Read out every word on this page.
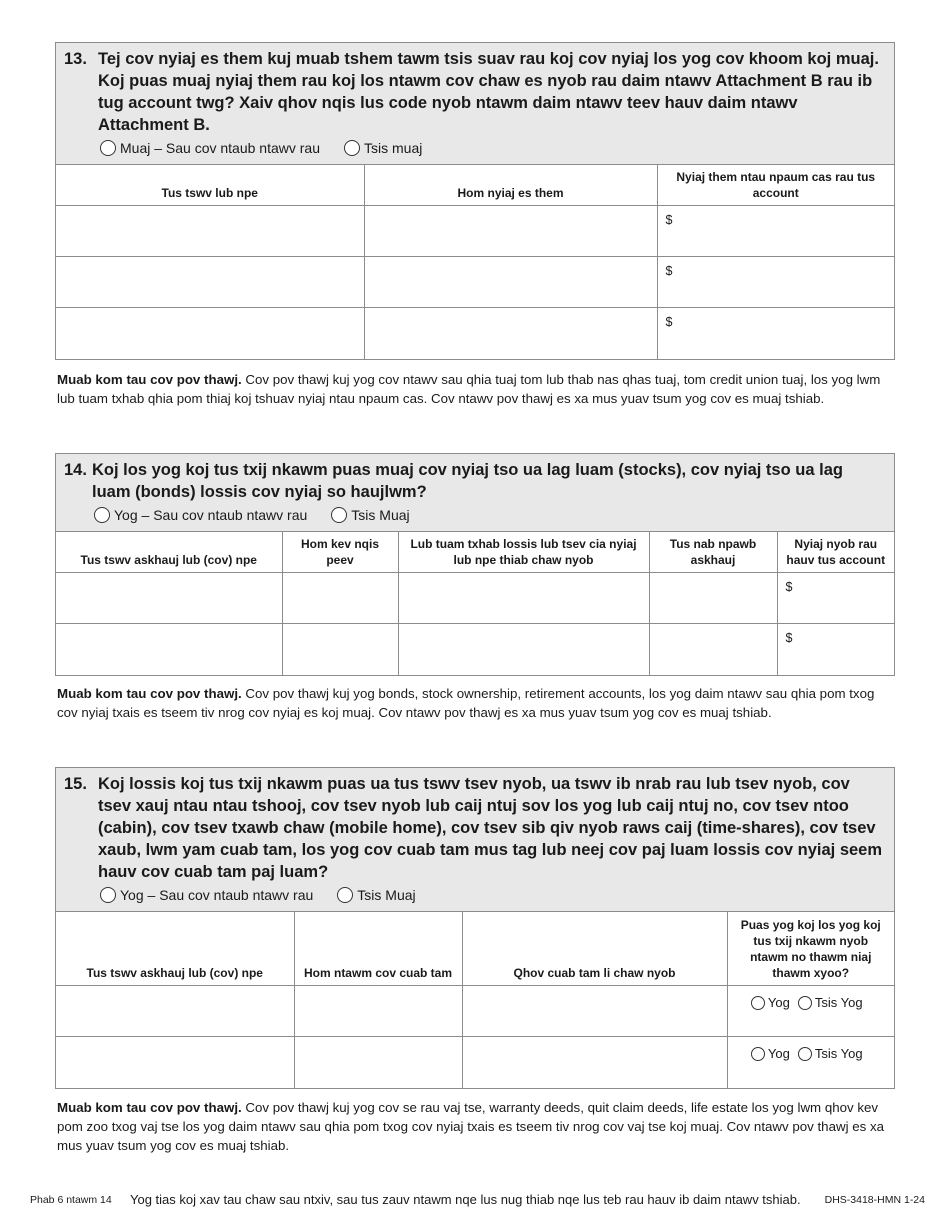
13. Tej cov nyiaj es them kuj muab tshem tawm tsis suav rau koj cov nyiaj los yog cov khoom koj muaj. Koj puas muaj nyiaj them rau koj los ntawm cov chaw es nyob rau daim ntawv Attachment B rau ib tug account twg? Xaiv qhov nqis lus code nyob ntawm daim ntawv teev hauv daim ntawv Attachment B.
Muaj – Sau cov ntaub ntawv rau	Tsis muaj
Tus tswv lub npe	Hom nyiaj es them	Nyiaj them ntau npaum cas rau tus account
		$
		$
		$

Muab kom tau cov pov thawj. Cov pov thawj kuj yog cov ntawv sau qhia tuaj tom lub thab nas qhas tuaj, tom credit union tuaj, los yog lwm lub tuam txhab qhia pom thiaj koj tshuav nyiaj ntau npaum cas. Cov ntawv pov thawj es xa mus yuav tsum yog cov es muaj tshiab.

14. Koj los yog koj tus txij nkawm puas muaj cov nyiaj tso ua lag luam (stocks), cov nyiaj tso ua lag luam (bonds) lossis cov nyiaj so haujlwm?
Yog – Sau cov ntaub ntawv rau	Tsis Muaj
Tus tswv askhauj lub (cov) npe	Hom kev nqis peev	Lub tuam txhab lossis lub tsev cia nyiaj lub npe thiab chaw nyob	Tus nab npawb askhauj	Nyiaj nyob rau hauv tus account
				$
				$

Muab kom tau cov pov thawj. Cov pov thawj kuj yog bonds, stock ownership, retirement accounts, los yog daim ntawv sau qhia pom txog cov nyiaj txais es tseem tiv nrog cov nyiaj es koj muaj. Cov ntawv pov thawj es xa mus yuav tsum yog cov es muaj tshiab.

15. Koj lossis koj tus txij nkawm puas ua tus tswv tsev nyob, ua tswv ib nrab rau lub tsev nyob, cov tsev xauj ntau ntau tshooj, cov tsev nyob lub caij ntuj sov los yog lub caij ntuj no, cov tsev ntoo (cabin), cov tsev txawb chaw (mobile home), cov tsev sib qiv nyob raws caij (time-shares), cov tsev xaub, lwm yam cuab tam, los yog cov cuab tam mus tag lub neej cov paj luam lossis cov nyiaj seem hauv cov cuab tam paj luam?
Yog – Sau cov ntaub ntawv rau	Tsis Muaj
Tus tswv askhauj lub (cov) npe	Hom ntawm cov cuab tam	Qhov cuab tam li chaw nyob	Puas yog koj los yog koj tus txij nkawm nyob ntawm no thawm niaj thawm xyoo?

			Yog Tsis Yog

			Yog Tsis Yog

Muab kom tau cov pov thawj. Cov pov thawj kuj yog cov se rau vaj tse, warranty deeds, quit claim deeds, life estate los yog lwm qhov kev pom zoo txog vaj tse los yog daim ntawv sau qhia pom txog cov nyiaj txais es tseem tiv nrog cov vaj tse koj muaj. Cov ntawv pov thawj es xa mus yuav tsum yog cov es muaj tshiab.

Phab 6 ntawm 14 Yog tias koj xav tau chaw sau ntxiv, sau tus zauv ntawm nqe lus nug thiab nqe lus teb rau hauv ib daim ntawv tshiab. DHS-3418-HMN 1-24
